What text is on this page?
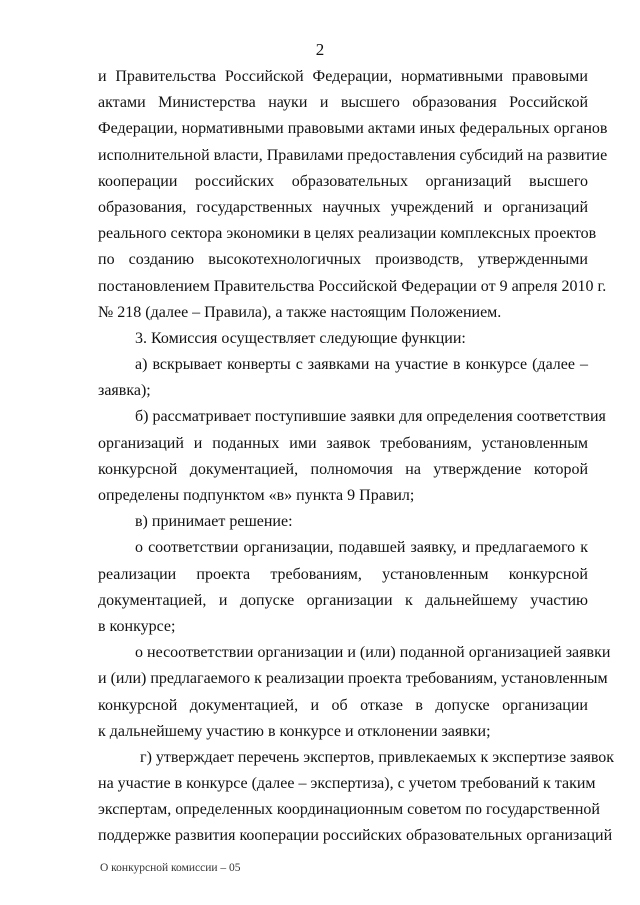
2
и Правительства Российской Федерации, нормативными правовыми
актами Министерства науки и высшего образования Российской
Федерации, нормативными правовыми актами иных федеральных органов
исполнительной власти, Правилами предоставления субсидий на развитие
кооперации российских образовательных организаций высшего
образования, государственных научных учреждений и организаций
реального сектора экономики в целях реализации комплексных проектов
по созданию высокотехнологичных производств, утвержденными
постановлением Правительства Российской Федерации от 9 апреля 2010 г.
№ 218 (далее – Правила), а также настоящим Положением.
3. Комиссия осуществляет следующие функции:
а) вскрывает конверты с заявками на участие в конкурсе (далее –
заявка);
б) рассматривает поступившие заявки для определения соответствия
организаций и поданных ими заявок требованиям, установленным
конкурсной документацией, полномочия на утверждение которой
определены подпунктом «в» пункта 9 Правил;
в) принимает решение:
о соответствии организации, подавшей заявку, и предлагаемого к
реализации проекта требованиям, установленным конкурсной
документацией, и допуске организации к дальнейшему участию
в конкурсе;
о несоответствии организации и (или) поданной организацией заявки
и (или) предлагаемого к реализации проекта требованиям, установленным
конкурсной документацией, и об отказе в допуске организации
к дальнейшему участию в конкурсе и отклонении заявки;
г) утверждает перечень экспертов, привлекаемых к экспертизе заявок
на участие в конкурсе (далее – экспертиза), с учетом требований к таким
экспертам, определенных координационным советом по государственной
поддержке развития кооперации российских образовательных организаций
О конкурсной комиссии – 05
